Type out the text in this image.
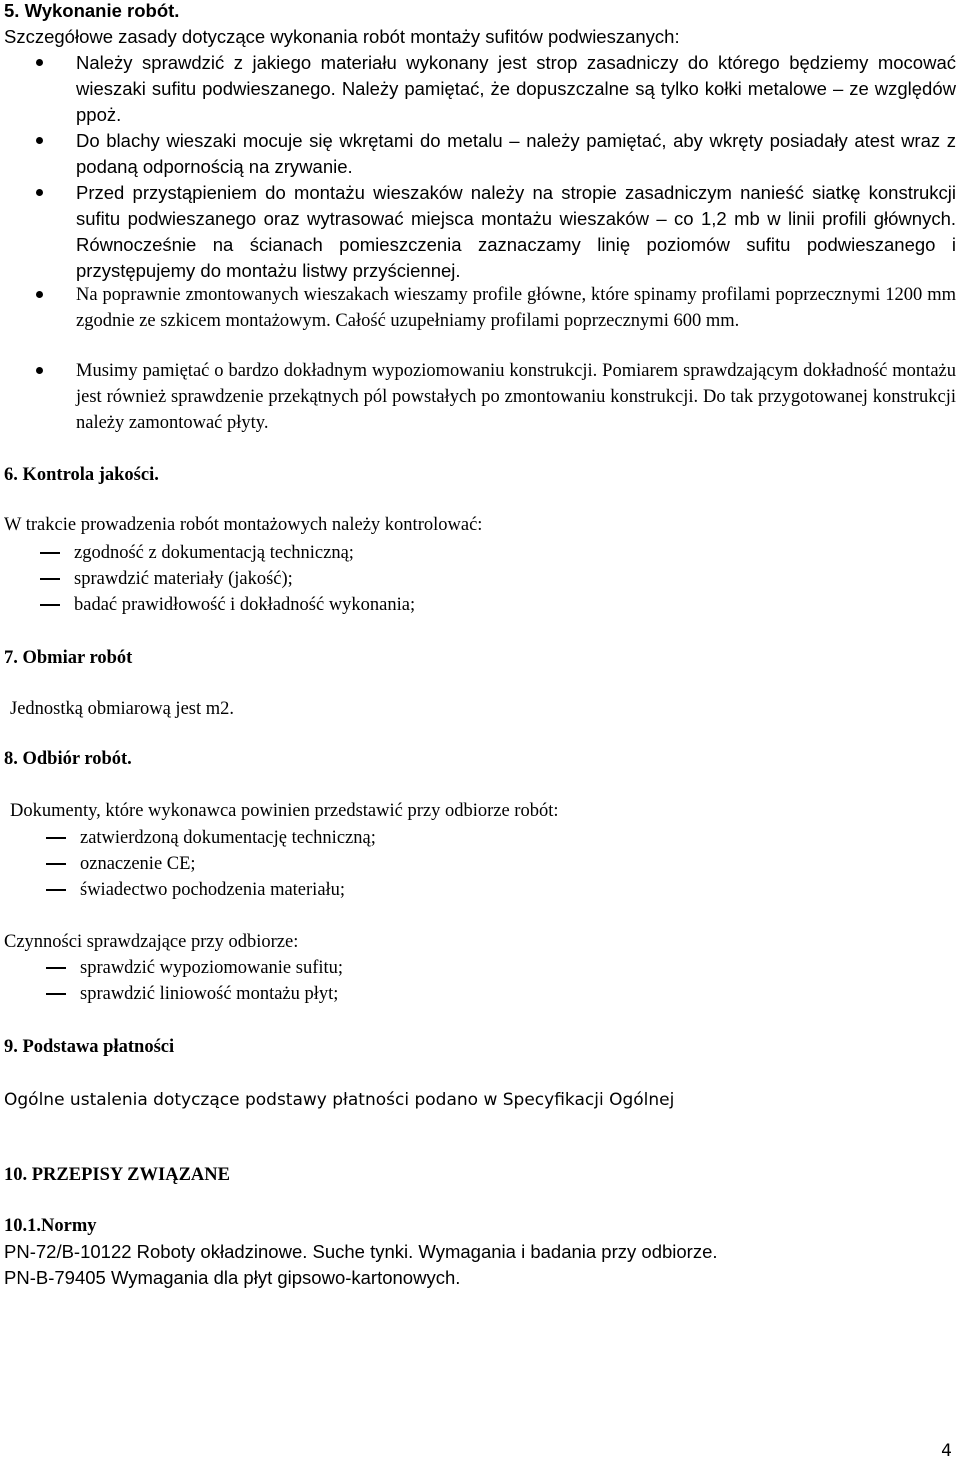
5. Wykonanie robót.
Szczegółowe zasady dotyczące wykonania robót montaży sufitów podwieszanych:
Należy sprawdzić z jakiego materiału wykonany jest strop zasadniczy do którego będziemy mocować wieszaki sufitu podwieszanego. Należy pamiętać, że dopuszczalne są tylko kołki metalowe – ze względów ppoż.
Do blachy wieszaki mocuje się wkrętami do metalu – należy pamiętać, aby wkręty posiadały atest wraz z podaną odpornością na zrywanie.
Przed przystąpieniem do montażu wieszaków należy na stropie zasadniczym nanieść siatkę konstrukcji sufitu podwieszanego oraz wytrasować miejsca montażu wieszaków – co 1,2 mb w linii profili głównych. Równocześnie na ścianach pomieszczenia zaznaczamy linię poziomów sufitu podwieszanego i przystępujemy do montażu listwy przyściennej.
Na poprawnie zmontowanych wieszakach wieszamy profile główne, które spinamy profilami poprzecznymi 1200 mm zgodnie ze szkicem montażowym. Całość uzupełniamy profilami poprzecznymi 600 mm.
Musimy pamiętać o bardzo dokładnym wypoziomowaniu konstrukcji. Pomiarem sprawdzającym dokładność montażu jest również sprawdzenie przekątnych pól powstałych po zmontowaniu konstrukcji. Do tak przygotowanej konstrukcji należy zamontować płyty.
6. Kontrola jakości.
W trakcie prowadzenia robót montażowych należy kontrolować:
zgodność z dokumentacją techniczną;
sprawdzić materiały (jakość);
badać prawidłowość i dokładność wykonania;
7. Obmiar robót
Jednostką obmiarową jest m2.
8. Odbiór robót.
Dokumenty, które wykonawca powinien przedstawić przy odbiorze robót:
zatwierdzoną dokumentację techniczną;
oznaczenie CE;
świadectwo pochodzenia materiału;
Czynności sprawdzające przy odbiorze:
sprawdzić wypoziomowanie sufitu;
sprawdzić liniowość montażu płyt;
9. Podstawa płatności
Ogólne ustalenia dotyczące podstawy płatności podano w Specyfikacji Ogólnej
10. PRZEPISY ZWIĄZANE
10.1.Normy
PN-72/B-10122 Roboty okładzinowe. Suche tynki. Wymagania i badania przy odbiorze.
PN-B-79405 Wymagania dla płyt gipsowo-kartonowych.
4
